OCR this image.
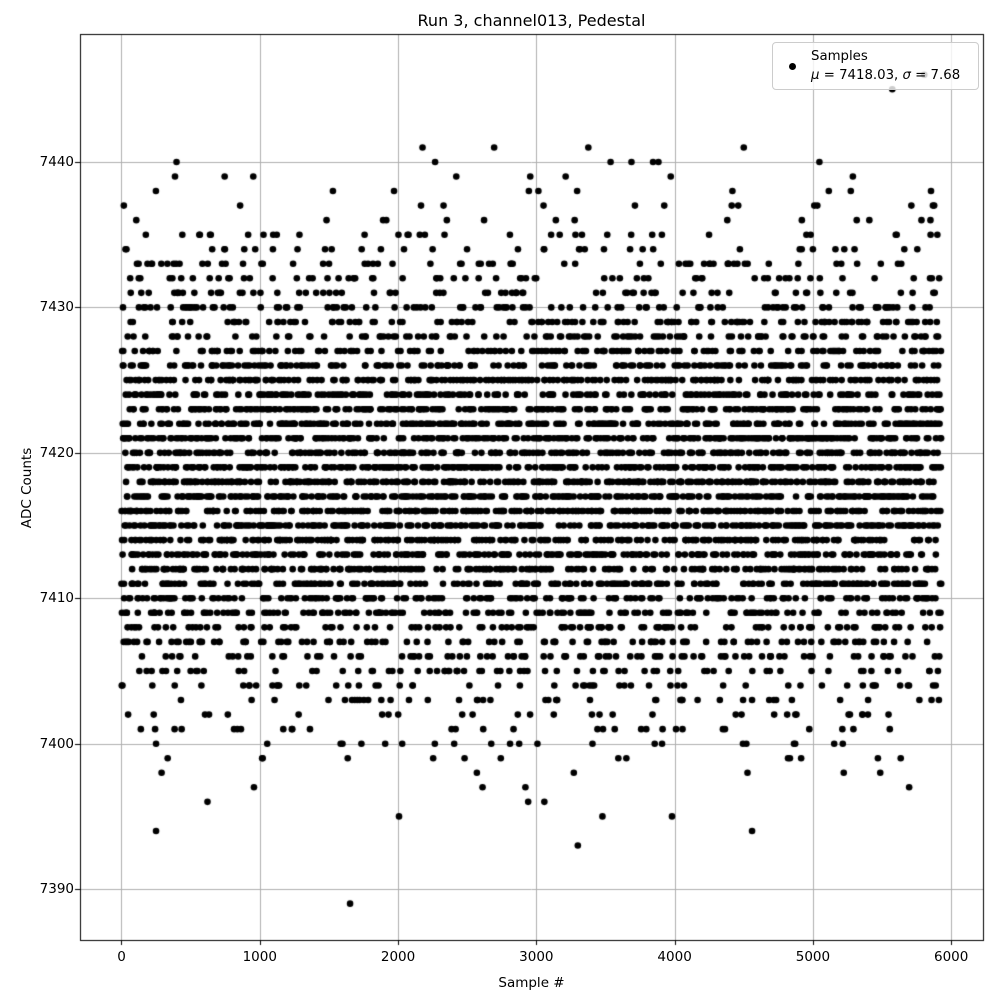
Run 3, channel013, Pedestal
ADC Counts
Sample #
7390
7400
7410
7420
7430
7440
0	1000	2000	3000	4000	5000	6000
Samples
μ = 7418.03, σ = 7.68
